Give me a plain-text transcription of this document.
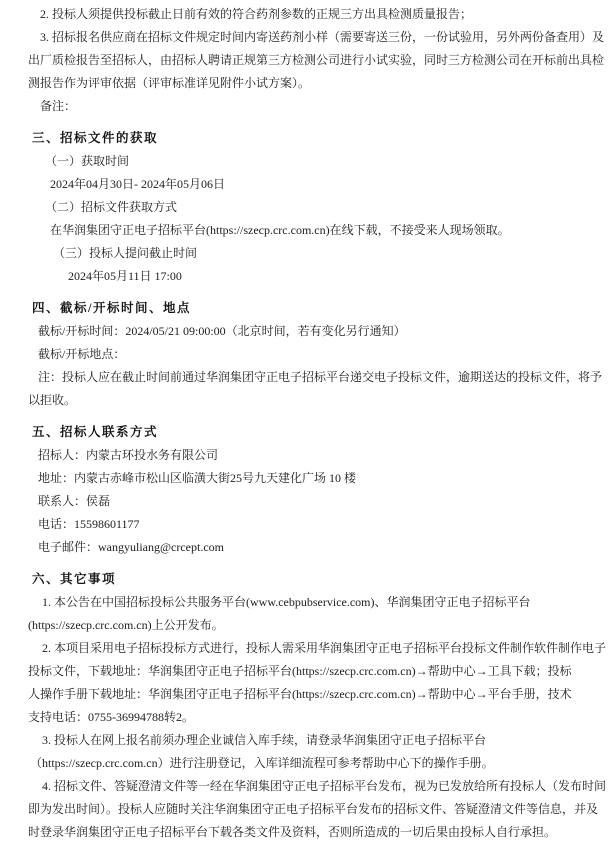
2. 投标人须提供投标截止日前有效的符合药剂参数的正规三方出具检测质量报告；
3. 招标报名供应商在招标文件规定时间内寄送药剂小样（需要寄送三份，一份试验用，另外两份备查用）及
出厂质检报告至招标人，由招标人聘请正规第三方检测公司进行小试实验，同时三方检测公司在开标前出具检
测报告作为评审依据（评审标准详见附件小试方案）。
备注：
三、招标文件的获取
（一）获取时间
2024年04月30日- 2024年05月06日
（二）招标文件获取方式
在华润集团守正电子招标平台(https://szecp.crc.com.cn)在线下载，不接受来人现场领取。
（三）投标人提问截止时间
2024年05月11日 17:00
四、截标/开标时间、地点
截标/开标时间：2024/05/21 09:00:00（北京时间，若有变化另行通知）
截标/开标地点：
注：投标人应在截止时间前通过华润集团守正电子招标平台递交电子投标文件，逾期送达的投标文件，将予
以拒收。
五、招标人联系方式
招标人：内蒙古环投水务有限公司
地址：内蒙古赤峰市松山区临潢大街25号九天建化广场 10 楼
联系人：侯磊
电话：15598601177
电子邮件：wangyuliang@crcept.com
六、其它事项
1. 本公告在中国招标投标公共服务平台(www.cebpubservice.com)、华润集团守正电子招标平台
(https://szecp.crc.com.cn)上公开发布。
2. 本项目采用电子招标投标方式进行，投标人需采用华润集团守正电子招标平台投标文件制作软件制作电子
投标文件，下载地址：华润集团守正电子招标平台(https://szecp.crc.com.cn)→帮助中心→工具下载；投标
人操作手册下载地址：华润集团守正电子招标平台(https://szecp.crc.com.cn)→帮助中心→平台手册，技术
支持电话：0755-36994788转2。
3. 投标人在网上报名前须办理企业诚信入库手续，请登录华润集团守正电子招标平台
（https://szecp.crc.com.cn）进行注册登记，入库详细流程可参考帮助中心下的操作手册。
4. 招标文件、答疑澄清文件等一经在华润集团守正电子招标平台发布，视为已发放给所有投标人（发布时间
即为发出时间）。投标人应随时关注华润集团守正电子招标平台发布的招标文件、答疑澄清文件等信息，并及
时登录华润集团守正电子招标平台下载各类文件及资料，否则所造成的一切后果由投标人自行承担。
